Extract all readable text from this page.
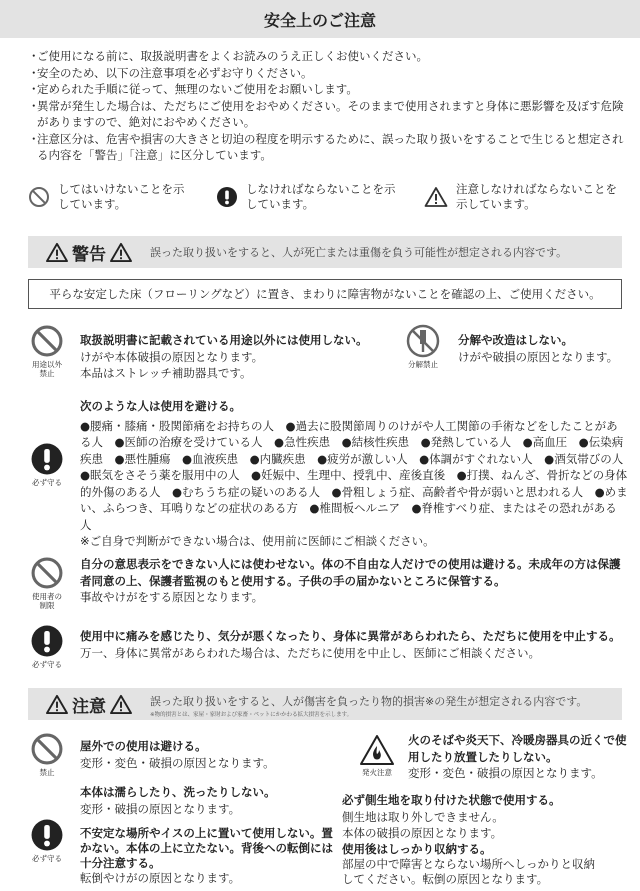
安全上のご注意
・
ご使用になる前に、取扱説明書をよくお読みのうえ正しくお使いください。
・
安全のため、以下の注意事項を必ずお守りください。
・
定められた手順に従って、無理のないご使用をお願いします。
・
異常が発生した場合は、ただちにご使用をおやめください。そのままで使用されますと身体に悪影響を及ぼす危険がありますので、絶対におやめください。
・
注意区分は、危害や損害の大きさと切迫の程度を明示するために、誤った取り扱いをすることで生じると想定される内容を「警告」「注意」に区分しています。
してはいけないことを示しています。
しなければならないことを示しています。
注意しなければならないことを示しています。
警告	誤った取り扱いをすると、人が死亡または重傷を負う可能性が想定される内容です。
平らな安定した床（フローリングなど）に置き、まわりに障害物がないことを確認の上、ご使用ください。
用途以外
禁止
取扱説明書に記載されている用途以外には使用しない。
けがや本体破損の原因となります。
本品はストレッチ補助器具です。
分解禁止
分解や改造はしない。
けがや破損の原因となります。
必ず守る
次のような人は使用を避ける。
●腰痛・膝痛・股関節痛をお持ちの人　●過去に股関節周りのけがや人工関節の手術などをしたことがある人　●医師の治療を受けている人　●急性疾患　●結核性疾患　●発熱している人　●高血圧　●伝染病疾患　●悪性腫瘍　●血液疾患　●内臓疾患　●疲労が激しい人　●体調がすぐれない人　●酒気帯びの人　●眠気をさそう薬を服用中の人　●妊娠中、生理中、授乳中、産後直後　●打撲、ねんざ、骨折などの身体的外傷のある人　●むちうち症の疑いのある人　●骨粗しょう症、高齢者や骨が弱いと思われる人　●めまい、ふらつき、耳鳴りなどの症状のある方　●椎間板ヘルニア　●脊椎すべり症、またはその恐れがある人
※ご自身で判断ができない場合は、使用前に医師にご相談ください。
使用者の
制限
自分の意思表示をできない人には使わせない。体の不自由な人だけでの使用は避ける。未成年の方は保護者同意の上、保護者監視のもと使用する。子供の手の届かないところに保管する。
事故やけがをする原因となります。
必ず守る
使用中に痛みを感じたり、気分が悪くなったり、身体に異常があらわれたら、ただちに使用を中止する。
万一、身体に異常があらわれた場合は、ただちに使用を中止し、医師にご相談ください。
注意	誤った取り扱いをすると、人が傷害を負ったり物的損害※の発生が想定される内容です。
※物的損害とは、家屋・家財および家畜・ペットにかかわる拡大損害を示します。
禁止
屋外での使用は避ける。
変形・変色・破損の原因となります。
発火注意
火のそばや炎天下、冷暖房器具の近くで使用したり放置したりしない。
変形・変色・破損の原因となります。
本体は濡らしたり、洗ったりしない。
変形・破損の原因となります。
必ず守る
不安定な場所やイスの上に置いて使用しない。置かない。本体の上に立たない。背後への転倒には十分注意する。
転倒やけがの原因となります。
必ず側生地を取り付けた状態で使用する。
側生地は取り外しできません。
本体の破損の原因となります。
使用後はしっかり収納する。
部屋の中で障害とならない場所へしっかりと収納してください。転倒の原因となります。
